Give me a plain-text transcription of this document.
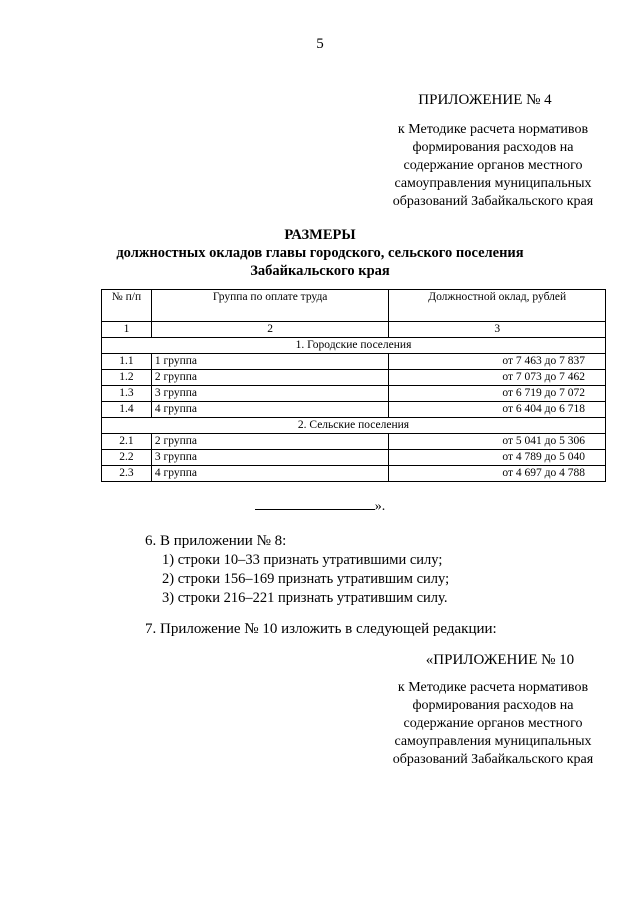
5
ПРИЛОЖЕНИЕ № 4
к Методике расчета нормативов
формирования расходов на
содержание органов местного
самоуправления муниципальных
образований Забайкальского края
РАЗМЕРЫ
должностных окладов главы городского, сельского поселения
Забайкальского края
№ п/п	Группа по оплате труда	Должностной оклад, рублей
1	2	3
1. Городские поселения		
1.1	1 группа	от 7 463 до 7 837
1.2	2 группа	от 7 073 до 7 462
1.3	3 группа	от 6 719 до 7 072
1.4	4 группа	от 6 404 до 6 718
2. Сельские поселения		
2.1	2 группа	от 5 041 до 5 306
2.2	3 группа	от 4 789 до 5 040
2.3	4 группа	от 4 697 до 4 788
».
6. В приложении № 8:
1) строки 10–33 признать утратившими силу;
2) строки 156–169 признать утратившим силу;
3) строки 216–221 признать утратившим силу.
7. Приложение № 10 изложить в следующей редакции:
«ПРИЛОЖЕНИЕ № 10
к Методике расчета нормативов
формирования расходов на
содержание органов местного
самоуправления муниципальных
образований Забайкальского края
